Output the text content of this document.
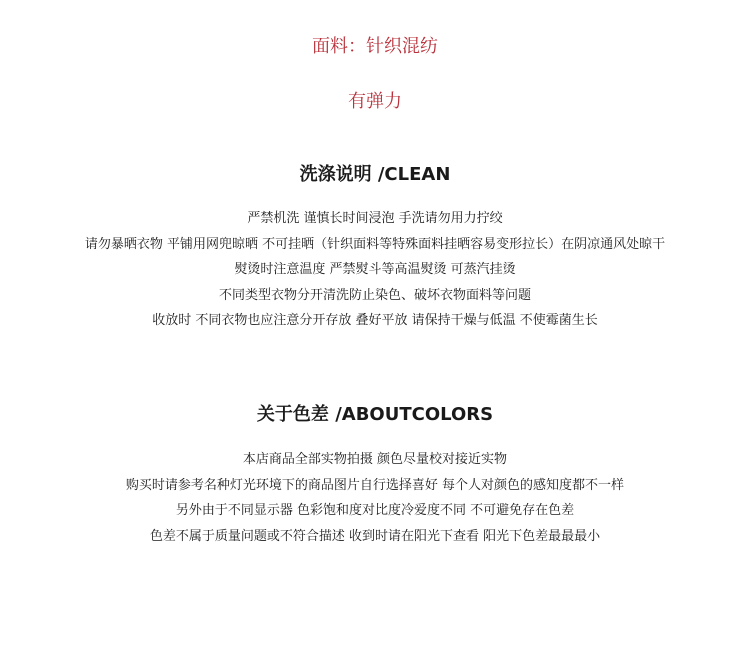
面料：针织混纺
有弹力
洗涤说明 /CLEAN
严禁机洗 谨慎长时间浸泡 手洗请勿用力拧绞
请勿暴晒衣物 平铺用网兜晾晒 不可挂晒（针织面料等特殊面料挂晒容易变形拉长）在阴凉通风处晾干
熨烫时注意温度 严禁熨斗等高温熨烫 可蒸汽挂烫
不同类型衣物分开清洗防止染色、破坏衣物面料等问题
收放时 不同衣物也应注意分开存放 叠好平放 请保持干燥与低温 不使霉菌生长
关于色差 /ABOUTCOLORS
本店商品全部实物拍摄 颜色尽量校对接近实物
购买时请参考名种灯光环境下的商品图片自行选择喜好 每个人对颜色的感知度都不一样
另外由于不同显示器 色彩饱和度对比度冷爱度不同 不可避免存在色差
色差不属于质量问题或不符合描述 收到时请在阳光下查看 阳光下色差最最最小
